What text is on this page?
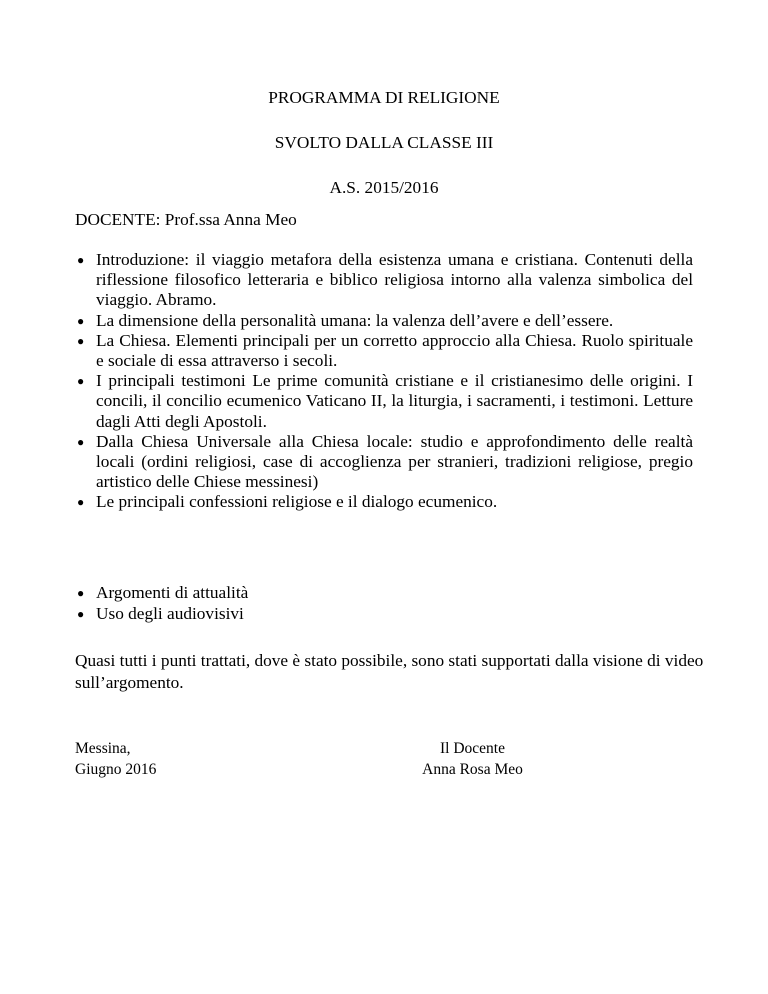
PROGRAMMA DI RELIGIONE
SVOLTO DALLA CLASSE III
A.S. 2015/2016
DOCENTE: Prof.ssa Anna Meo
● Introduzione: il viaggio metafora della esistenza umana e cristiana. Contenuti della riflessione filosofico letteraria e biblico religiosa intorno alla valenza simbolica del viaggio. Abramo.
● La dimensione della personalità umana: la valenza dell’avere e dell’essere.
● La Chiesa. Elementi principali per un corretto approccio alla Chiesa. Ruolo spirituale e sociale di essa attraverso i secoli.
● I principali testimoni Le prime comunità cristiane e il cristianesimo delle origini. I concili, il concilio ecumenico Vaticano II, la liturgia, i sacramenti, i testimoni. Letture dagli Atti degli Apostoli.
● Dalla Chiesa Universale alla Chiesa locale: studio e approfondimento delle realtà locali (ordini religiosi, case di accoglienza per stranieri, tradizioni religiose, pregio artistico delle Chiese messinesi)
● Le principali confessioni religiose e il dialogo ecumenico.
● Argomenti di attualità
● Uso degli audiovisivi
Quasi tutti i punti trattati, dove è stato possibile, sono stati supportati dalla visione di video sull’argomento.
Messina,
Giugno 2016
Il Docente
Anna Rosa Meo
